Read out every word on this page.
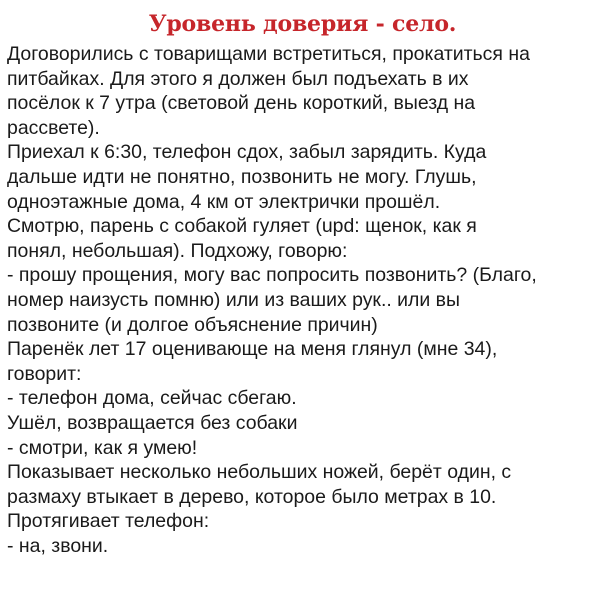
Уровень доверия - село.
Договорились с товарищами встретиться, прокатиться на
питбайках. Для этого я должен был подъехать в их
посёлок к 7 утра (световой день короткий, выезд на
рассвете).
Приехал к 6:30, телефон сдох, забыл зарядить. Куда
дальше идти не понятно, позвонить не могу. Глушь,
одноэтажные дома, 4 км от электрички прошёл.
Смотрю, парень с собакой гуляет (upd: щенок, как я
понял, небольшая). Подхожу, говорю:
- прошу прощения, могу вас попросить позвонить? (Благо,
номер наизусть помню) или из ваших рук.. или вы
позвоните (и долгое объяснение причин)
Паренёк лет 17 оценивающе на меня глянул (мне 34),
говорит:
- телефон дома, сейчас сбегаю.
Ушёл, возвращается без собаки
- смотри, как я умею!
Показывает несколько небольших ножей, берёт один, с
размаху втыкает в дерево, которое было метрах в 10.
Протягивает телефон:
- на, звони.
